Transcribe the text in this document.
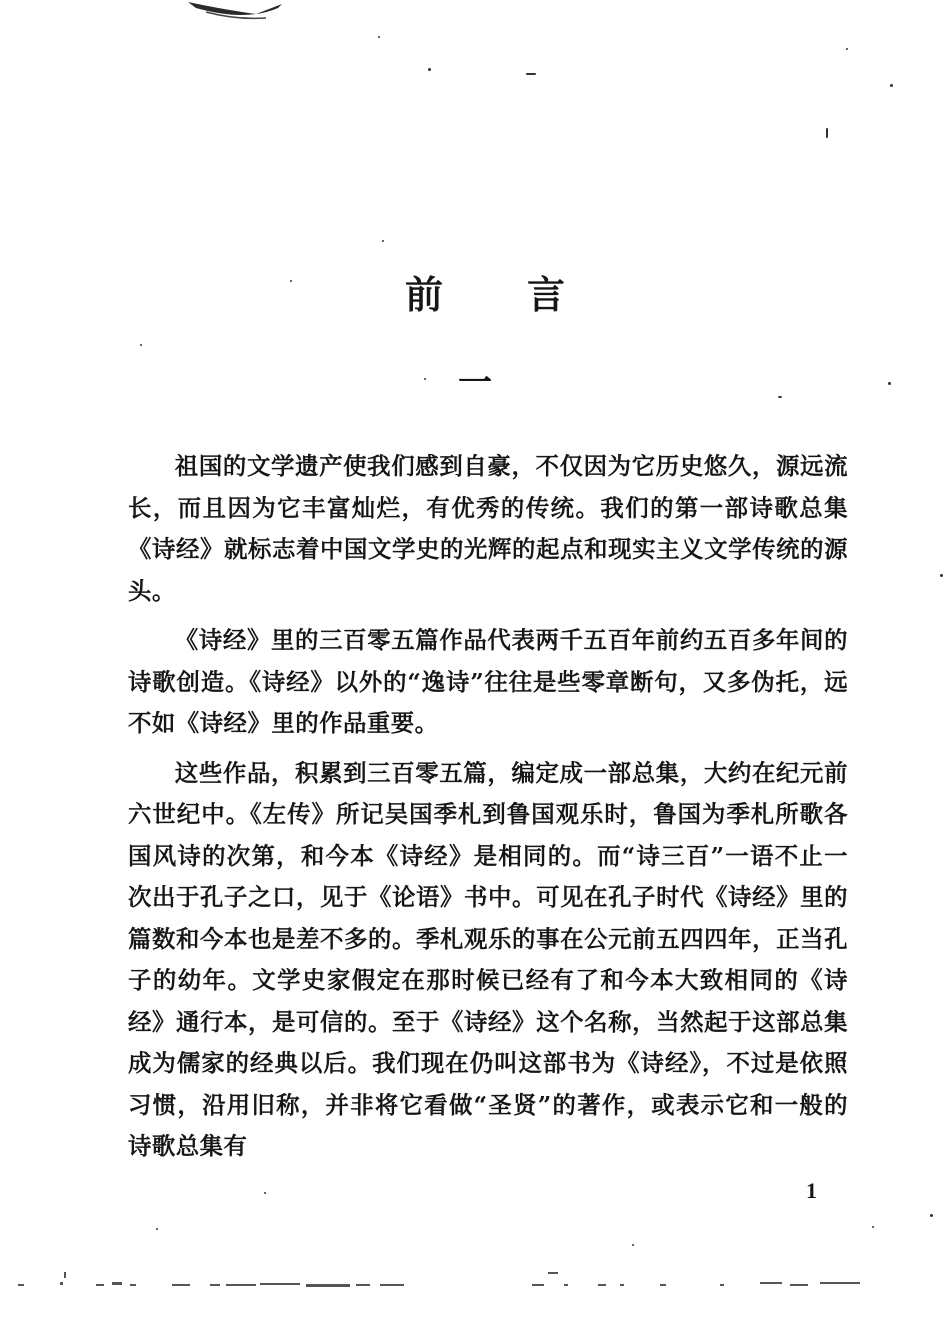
前言
一

祖国的文学遗产使我们感到自豪，不仅因为它历史悠久，源远流长，而且因为它丰富灿烂，有优秀的传统。我们的第一部诗歌总集《诗经》就标志着中国文学史的光辉的起点和现实主义文学传统的源头。

《诗经》里的三百零五篇作品代表两千五百年前约五百多年间的诗歌创造。《诗经》以外的“逸诗”往往是些零章断句，又多伪托，远不如《诗经》里的作品重要。

这些作品，积累到三百零五篇，编定成一部总集，大约在纪元前六世纪中。《左传》所记吴国季札到鲁国观乐时，鲁国为季札所歌各国风诗的次第，和今本《诗经》是相同的。而“诗三百”一语不止一次出于孔子之口，见于《论语》书中。可见在孔子时代《诗经》里的篇数和今本也是差不多的。季札观乐的事在公元前五四四年，正当孔子的幼年。文学史家假定在那时候已经有了和今本大致相同的《诗经》通行本，是可信的。至于《诗经》这个名称，当然起于这部总集成为儒家的经典以后。我们现在仍叫这部书为《诗经》，不过是依照习惯，沿用旧称，并非将它看做“圣贤”的著作，或表示它和一般的诗歌总集有

1
